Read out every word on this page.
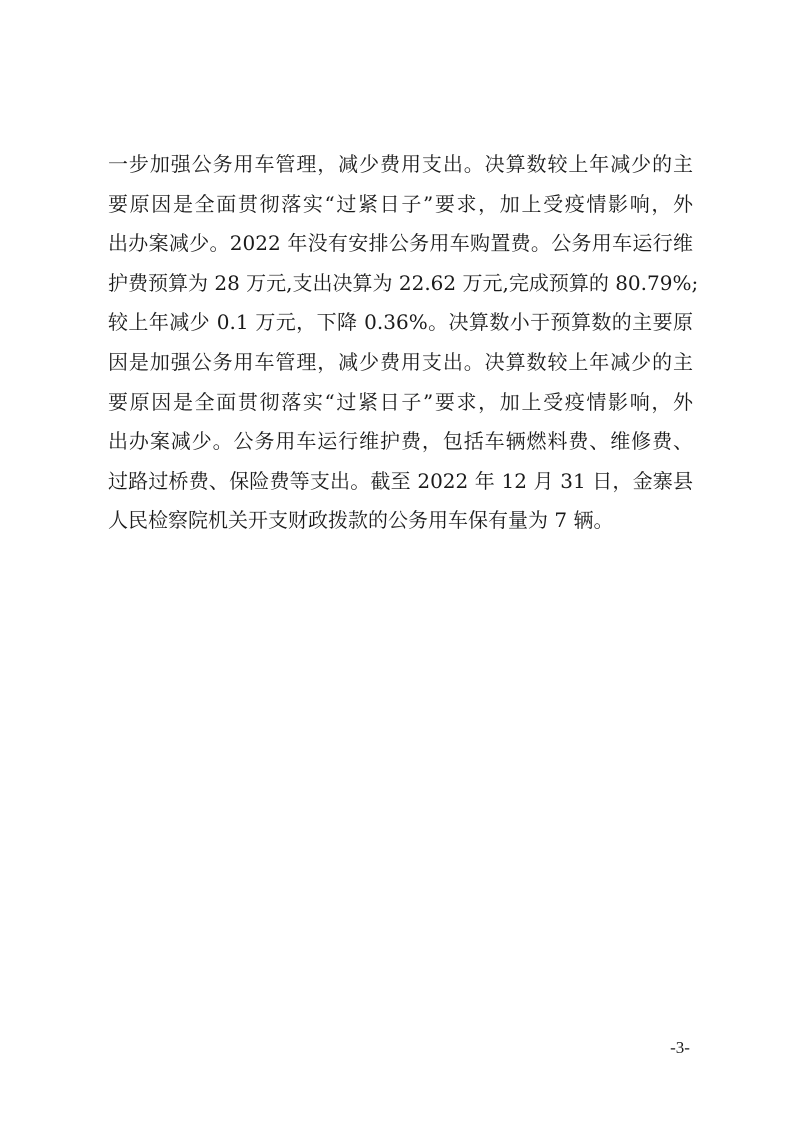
一步加强公务用车管理，减少费用支出。决算数较上年减少的主
要原因是全面贯彻落实“过紧日子”要求，加上受疫情影响，外
出办案减少。2022 年没有安排公务用车购置费。公务用车运行维
护费预算为 28 万元,支出决算为 22.62 万元,完成预算的 80.79%;
较上年减少 0.1 万元，下降 0.36%。决算数小于预算数的主要原
因是加强公务用车管理，减少费用支出。决算数较上年减少的主
要原因是全面贯彻落实“过紧日子”要求，加上受疫情影响，外
出办案减少。公务用车运行维护费，包括车辆燃料费、维修费、
过路过桥费、保险费等支出。截至 2022 年 12 月 31 日，金寨县
人民检察院机关开支财政拨款的公务用车保有量为 7 辆。
-3-
